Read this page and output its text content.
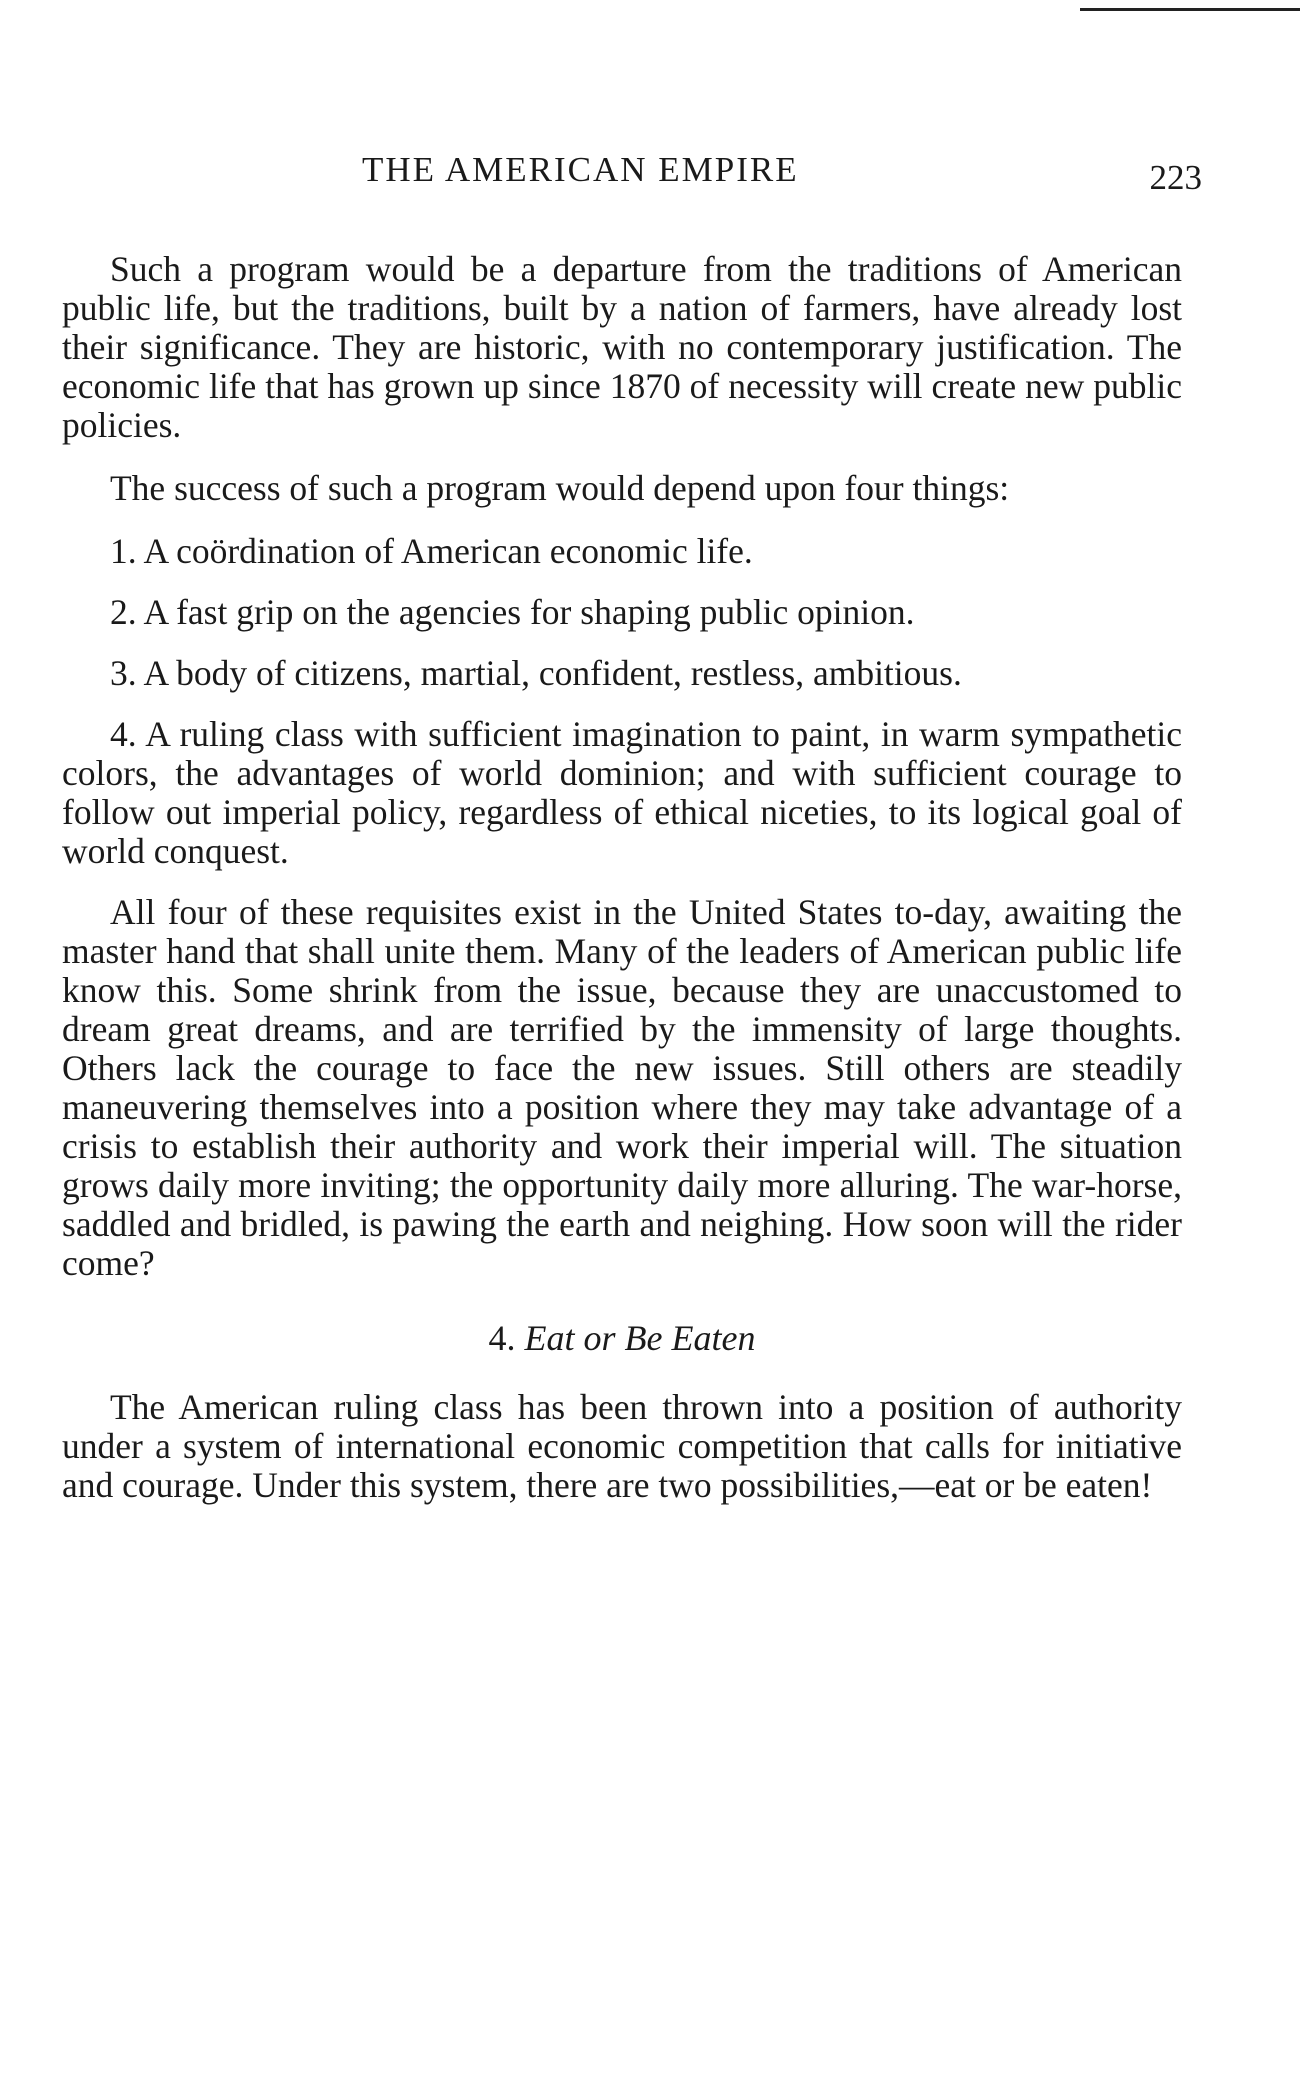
THE AMERICAN EMPIRE	223

Such a program would be a departure from the traditions of American public life, but the traditions, built by a nation of farmers, have already lost their significance. They are historic, with no contemporary justification. The economic life that has grown up since 1870 of necessity will create new public policies.

The success of such a program would depend upon four things:

1. A coördination of American economic life.

2. A fast grip on the agencies for shaping public opinion.

3. A body of citizens, martial, confident, restless, ambitious.

4. A ruling class with sufficient imagination to paint, in warm sympathetic colors, the advantages of world dominion; and with sufficient courage to follow out imperial policy, regardless of ethical niceties, to its logical goal of world conquest.

All four of these requisites exist in the United States to-day, awaiting the master hand that shall unite them. Many of the leaders of American public life know this. Some shrink from the issue, because they are unaccustomed to dream great dreams, and are terrified by the immensity of large thoughts. Others lack the courage to face the new issues. Still others are steadily maneuvering themselves into a position where they may take advantage of a crisis to establish their authority and work their imperial will. The situation grows daily more inviting; the opportunity daily more alluring. The war-horse, saddled and bridled, is pawing the earth and neighing. How soon will the rider come?

4. Eat or Be Eaten

The American ruling class has been thrown into a position of authority under a system of international economic competition that calls for initiative and courage. Under this system, there are two possibilities,—eat or be eaten!
